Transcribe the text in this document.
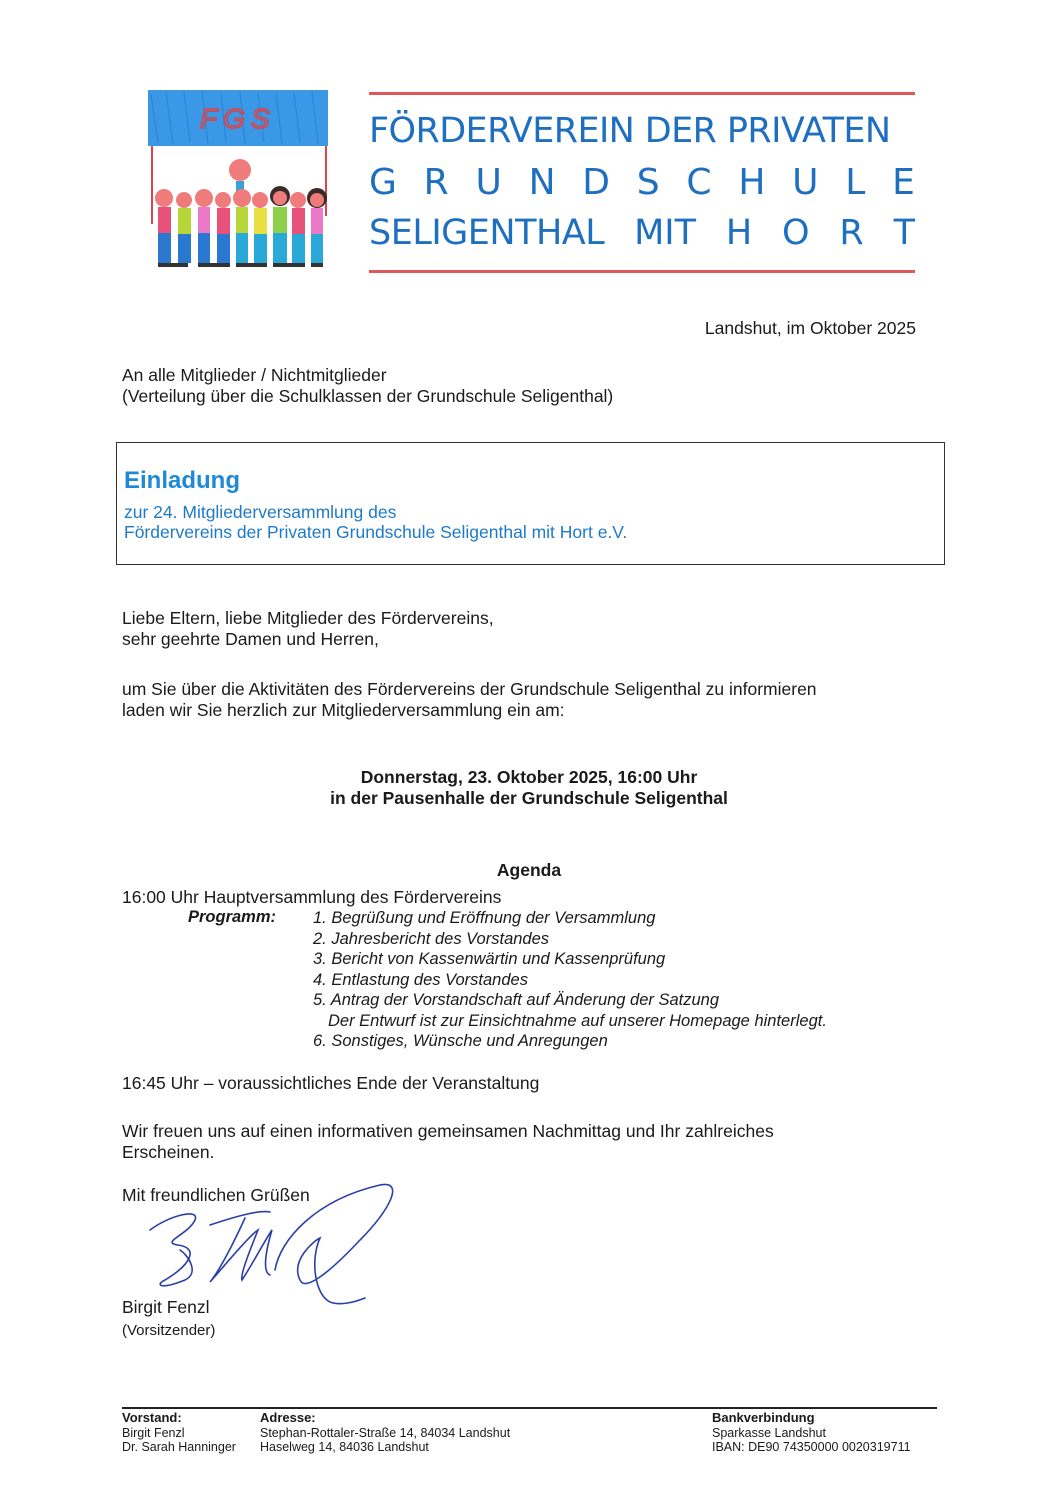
FGS	FÖRDERVEREIN DER PRIVATEN
G R U N D S C H U L E
SELIGENTHAL MIT H O R T
Landshut, im Oktober 2025
An alle Mitglieder / Nichtmitglieder
(Verteilung über die Schulklassen der Grundschule Seligenthal)
Einladung
zur 24. Mitgliederversammlung des
Fördervereins der Privaten Grundschule Seligenthal mit Hort e.V.
Liebe Eltern, liebe Mitglieder des Fördervereins,
sehr geehrte Damen und Herren,
um Sie über die Aktivitäten des Fördervereins der Grundschule Seligenthal zu informieren
laden wir Sie herzlich zur Mitgliederversammlung ein am:
Donnerstag, 23. Oktober 2025, 16:00 Uhr
in der Pausenhalle der Grundschule Seligenthal
Agenda
16:00 Uhr Hauptversammlung des Fördervereins
Programm: 1. Begrüßung und Eröffnung der Versammlung
2. Jahresbericht des Vorstandes
3. Bericht von Kassenwärtin und Kassenprüfung
4. Entlastung des Vorstandes
5. Antrag der Vorstandschaft auf Änderung der Satzung
Der Entwurf ist zur Einsichtnahme auf unserer Homepage hinterlegt.
6. Sonstiges, Wünsche und Anregungen
16:45 Uhr – voraussichtliches Ende der Veranstaltung
Wir freuen uns auf einen informativen gemeinsamen Nachmittag und Ihr zahlreiches
Erscheinen.
Mit freundlichen Grüßen
Birgit Fenzl
(Vorsitzender)
Vorstand:
Birgit Fenzl
Dr. Sarah Hanninger
Adresse:
Stephan-Rottaler-Straße 14, 84034 Landshut
Haselweg 14, 84036 Landshut
Bankverbindung
Sparkasse Landshut
IBAN: DE90 74350000 0020319711
